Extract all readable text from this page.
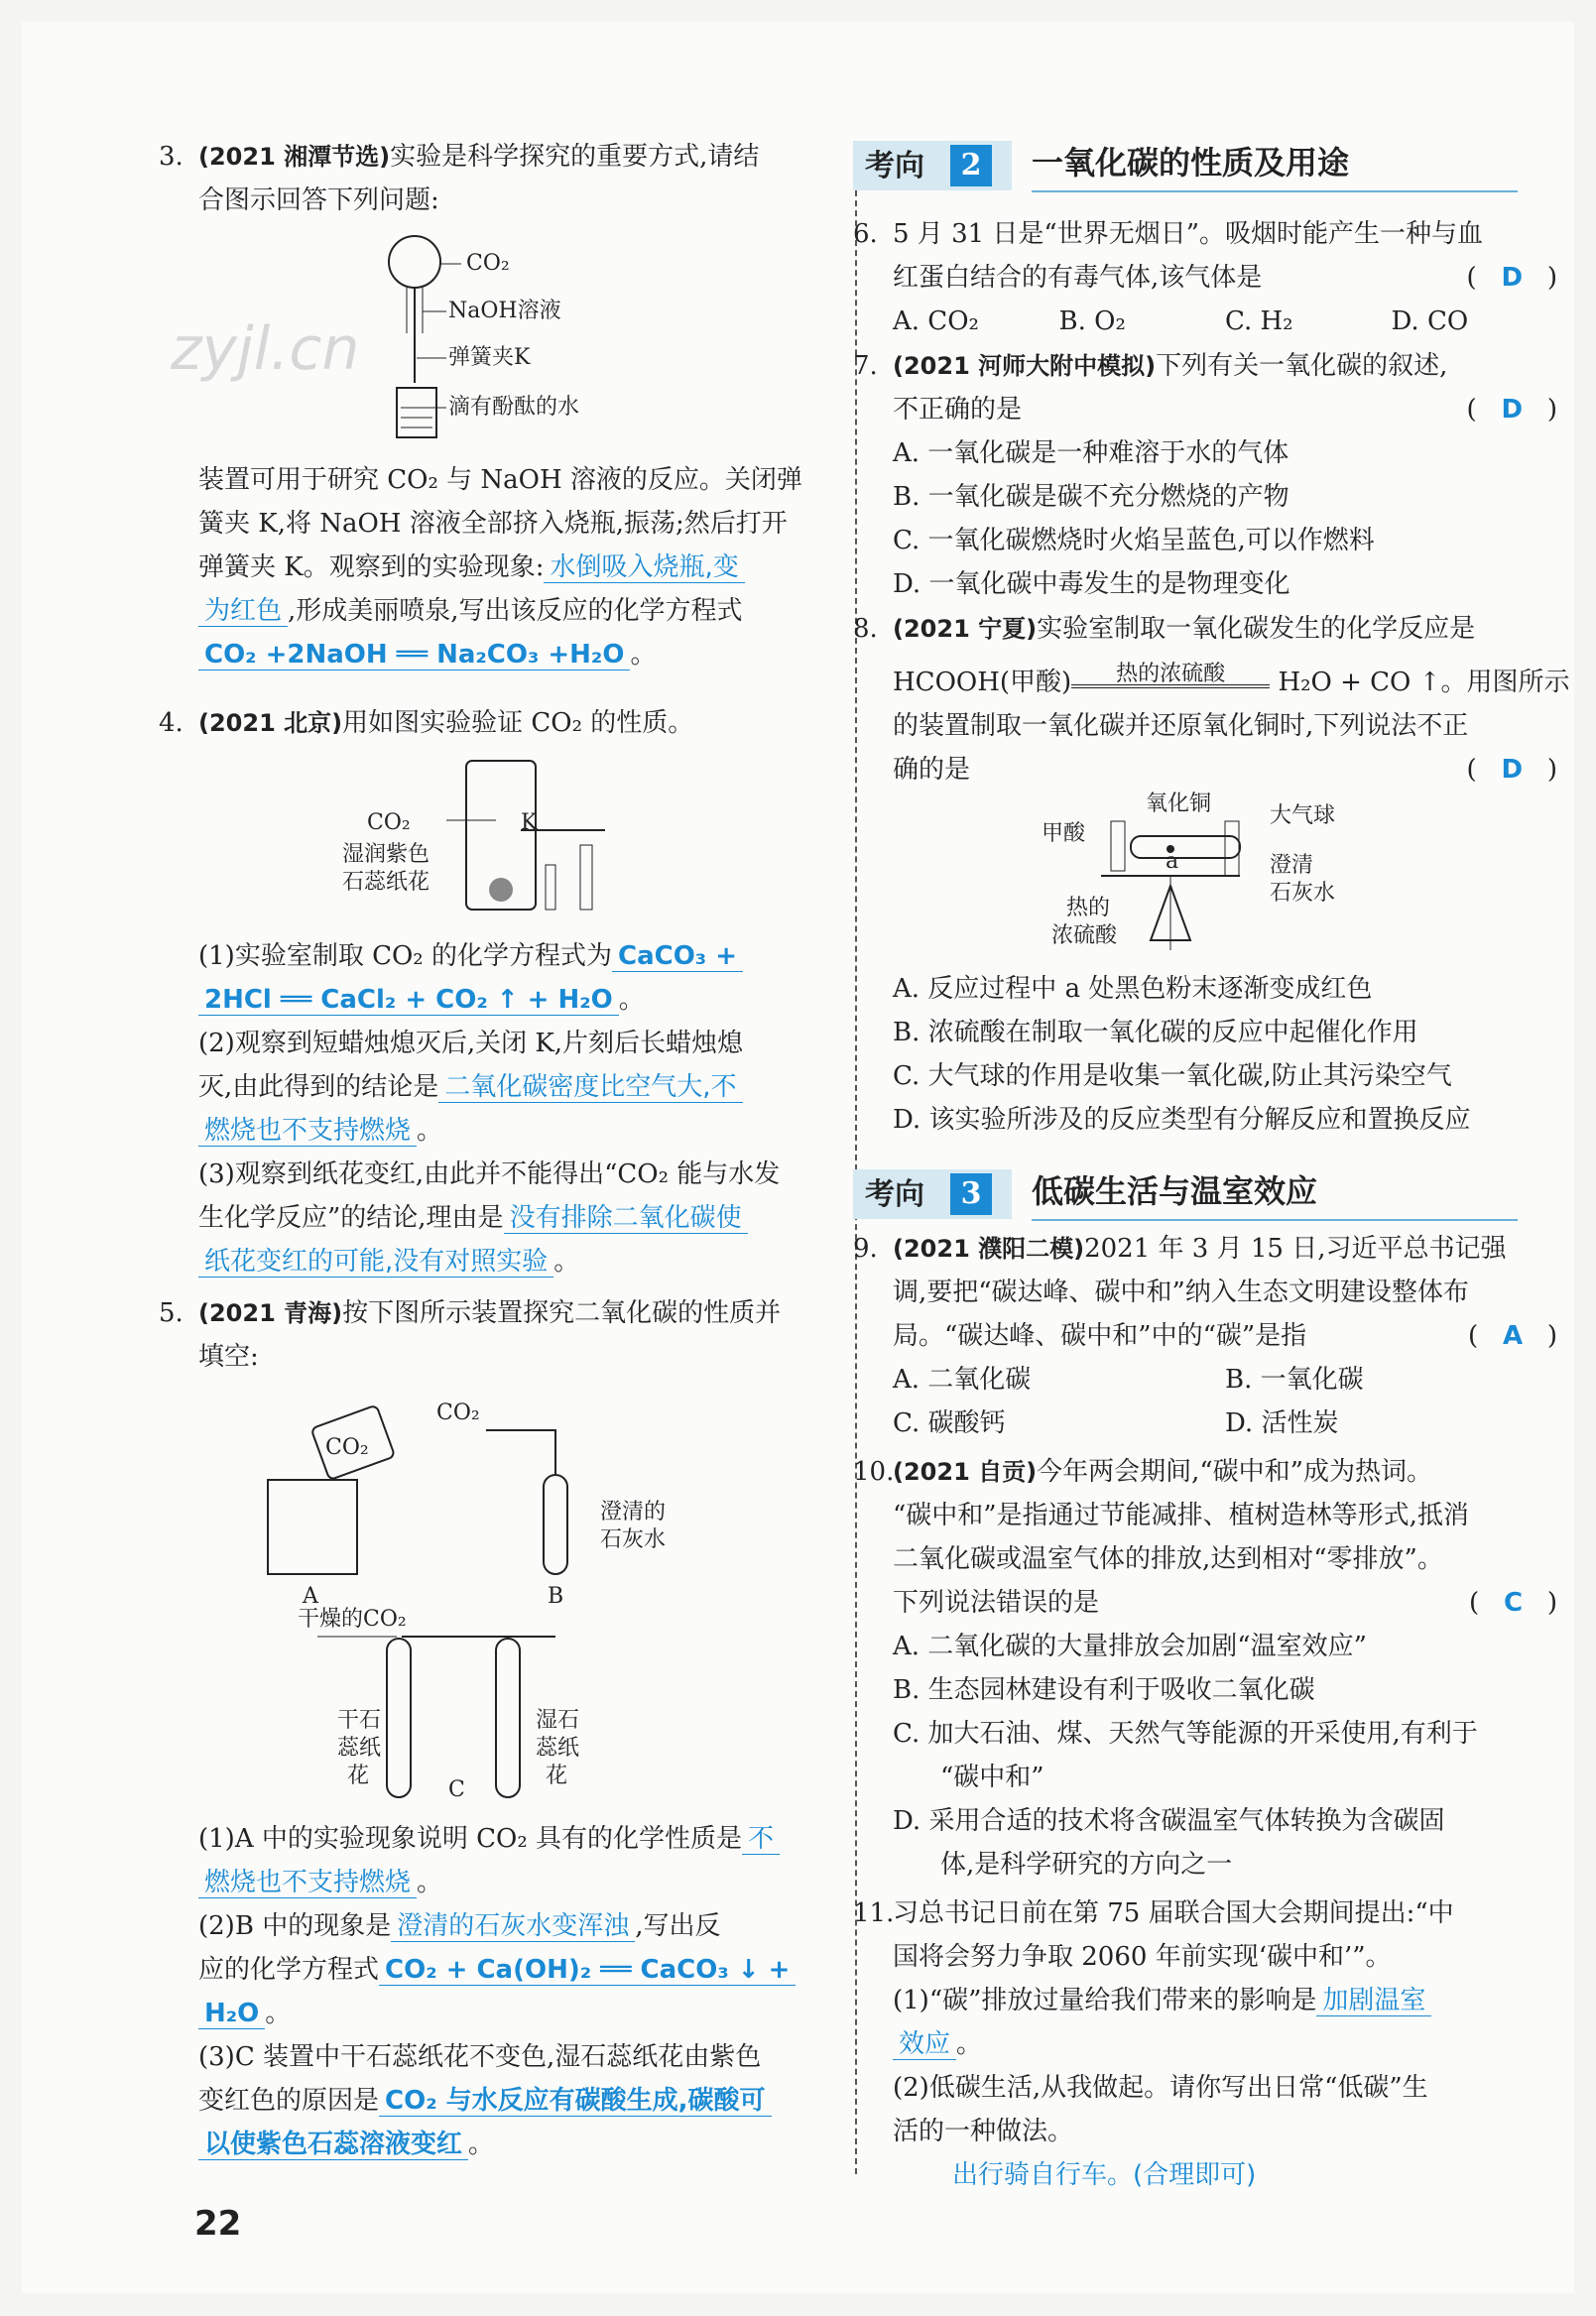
zyjl.cn
3. (2021 湘潭节选)实验是科学探究的重要方式,请结
合图示回答下列问题:
CO₂
NaOH溶液
弹簧夹K
滴有酚酞的水
装置可用于研究 CO₂ 与 NaOH 溶液的反应。关闭弹
簧夹 K,将 NaOH 溶液全部挤入烧瓶,振荡;然后打开
弹簧夹 K。观察到的实验现象: 水倒吸入烧瓶,变
为红色 ,形成美丽喷泉,写出该反应的化学方程式
CO₂ +2NaOH ══ Na₂CO₃ +H₂O 。
4. (2021 北京)用如图实验验证 CO₂ 的性质。
CO₂	K
湿润紫色
石蕊纸花
(1)实验室制取 CO₂ 的化学方程式为 CaCO₃ +
2HCl ══ CaCl₂ + CO₂ ↑ + H₂O 。
(2)观察到短蜡烛熄灭后,关闭 K,片刻后长蜡烛熄
灭,由此得到的结论是 二氧化碳密度比空气大,不
燃烧也不支持燃烧 。
(3)观察到纸花变红,由此并不能得出“CO₂ 能与水发
生化学反应”的结论,理由是 没有排除二氧化碳使
纸花变红的可能,没有对照实验 。
5. (2021 青海)按下图所示装置探究二氧化碳的性质并
填空:
CO₂
CO₂
A	B
澄清的
石灰水
干燥的CO₂
干石
蕊纸
花
湿石
蕊纸
花
C
(1)A 中的实验现象说明 CO₂ 具有的化学性质是 不
燃烧也不支持燃烧 。
(2)B 中的现象是 澄清的石灰水变浑浊 ,写出反
应的化学方程式 CO₂ + Ca(OH)₂ ══ CaCO₃ ↓ +
H₂O 。
(3)C 装置中干石蕊纸花不变色,湿石蕊纸花由紫色
变红色的原因是 CO₂ 与水反应有碳酸生成,碳酸可
以使紫色石蕊溶液变红 。
考向	2	一氧化碳的性质及用途
6. 5 月 31 日是“世界无烟日”。吸烟时能产生一种与血
红蛋白结合的有毒气体,该气体是	(   D   )
A. CO₂	B. O₂	C. H₂	D. CO
7. (2021 河师大附中模拟)下列有关一氧化碳的叙述,
不正确的是	(   D   )
A. 一氧化碳是一种难溶于水的气体
B. 一氧化碳是碳不充分燃烧的产物
C. 一氧化碳燃烧时火焰呈蓝色,可以作燃料
D. 一氧化碳中毒发生的是物理变化
8. (2021 宁夏)实验室制取一氧化碳发生的化学反应是
HCOOH(甲酸) 热的浓硫酸 H₂O + CO ↑。用图所示
的装置制取一氧化碳并还原氧化铜时,下列说法不正
确的是	(   D   )
氧化铜
甲酸
大气球
a	澄清
石灰水
热的
浓硫酸
A. 反应过程中 a 处黑色粉末逐渐变成红色
B. 浓硫酸在制取一氧化碳的反应中起催化作用
C. 大气球的作用是收集一氧化碳,防止其污染空气
D. 该实验所涉及的反应类型有分解反应和置换反应
考向	3	低碳生活与温室效应
9. (2021 濮阳二模)2021 年 3 月 15 日,习近平总书记强
调,要把“碳达峰、碳中和”纳入生态文明建设整体布
局。“碳达峰、碳中和”中的“碳”是指	(   A   )
A. 二氧化碳	B. 一氧化碳
C. 碳酸钙	D. 活性炭
10.(2021 自贡)今年两会期间,“碳中和”成为热词。
“碳中和”是指通过节能减排、植树造林等形式,抵消
二氧化碳或温室气体的排放,达到相对“零排放”。
下列说法错误的是	(   C   )
A. 二氧化碳的大量排放会加剧“温室效应”
B. 生态园林建设有利于吸收二氧化碳
C. 加大石油、煤、天然气等能源的开采使用,有利于
“碳中和”
D. 采用合适的技术将含碳温室气体转换为含碳固
体,是科学研究的方向之一
11.习总书记日前在第 75 届联合国大会期间提出:“中
国将会努力争取 2060 年前实现‘碳中和’”。
(1)“碳”排放过量给我们带来的影响是 加剧温室
效应 。
(2)低碳生活,从我做起。请你写出日常“低碳”生
活的一种做法。
出行骑自行车。(合理即可)
22
